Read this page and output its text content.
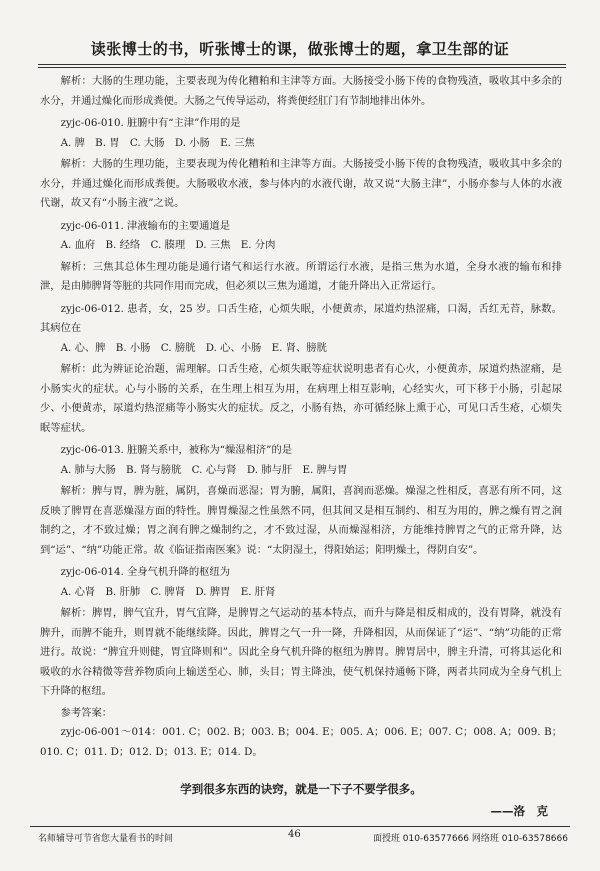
读张博士的书，听张博士的课，做张博士的题，拿卫生部的证

解析：大肠的生理功能，主要表现为传化糟粕和主津等方面。大肠接受小肠下传的食物残渣，吸收其中多余的水分，并通过燥化而形成粪便。大肠之气传导运动，将粪便经肛门有节制地排出体外。

zyjc-06-010. 脏腑中有“主津”作用的是

A. 脾　B. 胃　C. 大肠　D. 小肠　E. 三焦

解析：大肠的生理功能，主要表现为传化糟粕和主津等方面。大肠接受小肠下传的食物残渣，吸收其中多余的水分，并通过燥化而形成粪便。大肠吸收水液，参与体内的水液代谢，故又说“大肠主津”，小肠亦参与人体的水液代谢，故又有“小肠主液”之说。

zyjc-06-011. 津液输布的主要通道是

A. 血府　B. 经络　C. 腠理　D. 三焦　E. 分肉

解析：三焦其总体生理功能是通行诸气和运行水液。所谓运行水液，是指三焦为水道，全身水液的输布和排泄，是由肺脾肾等脏的共同作用而完成，但必须以三焦为通道，才能升降出入正常运行。

zyjc-06-012. 患者，女，25 岁。口舌生疮，心烦失眠，小便黄赤，尿道灼热涩痛，口渴，舌红无苔，脉数。其病位在

A. 心、脾　B. 小肠　C. 膀胱　D. 心、小肠　E. 肾、膀胱

解析：此为辨证论治题，需理解。口舌生疮，心烦失眠等症状说明患者有心火，小便黄赤，尿道灼热涩痛，是小肠实火的症状。心与小肠的关系，在生理上相互为用，在病理上相互影响，心经实火，可下移于小肠，引起尿少、小便黄赤，尿道灼热涩痛等小肠实火的症状。反之，小肠有热，亦可循经脉上熏于心，可见口舌生疮，心烦失眠等症状。

zyjc-06-013. 脏腑关系中，被称为“燥湿相济”的是

A. 肺与大肠　B. 肾与膀胱　C. 心与肾　D. 肺与肝　E. 脾与胃

解析：脾与胃，脾为脏，属阴，喜燥而恶湿；胃为腑，属阳，喜润而恶燥。燥湿之性相反，喜恶有所不同，这反映了脾胃在喜恶燥湿方面的特性。脾胃燥湿之性虽然不同，但其间又是相互制约、相互为用的，脾之燥有胃之润制约之，才不致过燥；胃之润有脾之燥制约之，才不致过湿，从而燥湿相济，方能维持脾胃之气的正常升降，达到“运”、“纳”功能正常。故《临证指南医案》说：“太阴湿土，得阳始运；阳明燥土，得阴自安”。

zyjc-06-014. 全身气机升降的枢纽为

A. 心肾　B. 肝肺　C. 脾肾　D. 脾胃　E. 肝肾

解析：脾胃，脾气宜升，胃气宜降，是脾胃之气运动的基本特点，而升与降是相反相成的，没有胃降，就没有脾升，而脾不能升，则胃就不能继续降。因此，脾胃之气一升一降，升降相因，从而保证了“运”、“纳”功能的正常进行。故说：“脾宜升则健，胃宜降则和”。因此全身气机升降的枢纽为脾胃。脾胃居中，脾主升清，可将其运化和吸收的水谷精微等营养物质向上输送至心、肺，头目；胃主降浊，使气机保持通畅下降，两者共同成为全身气机上下升降的枢纽。

参考答案：

zyjc-06-001～014：001. C；002. B；003. B；004. E；005. A；006. E；007. C；008. A；009. B；010. C；011. D；012. D；013. E；014. D。

学到很多东西的诀窍，就是一下子不要学很多。
——洛　克
名师辅导可节省您大量看书的时间	46	面授班 010-63577666 网络班 010-63578666
